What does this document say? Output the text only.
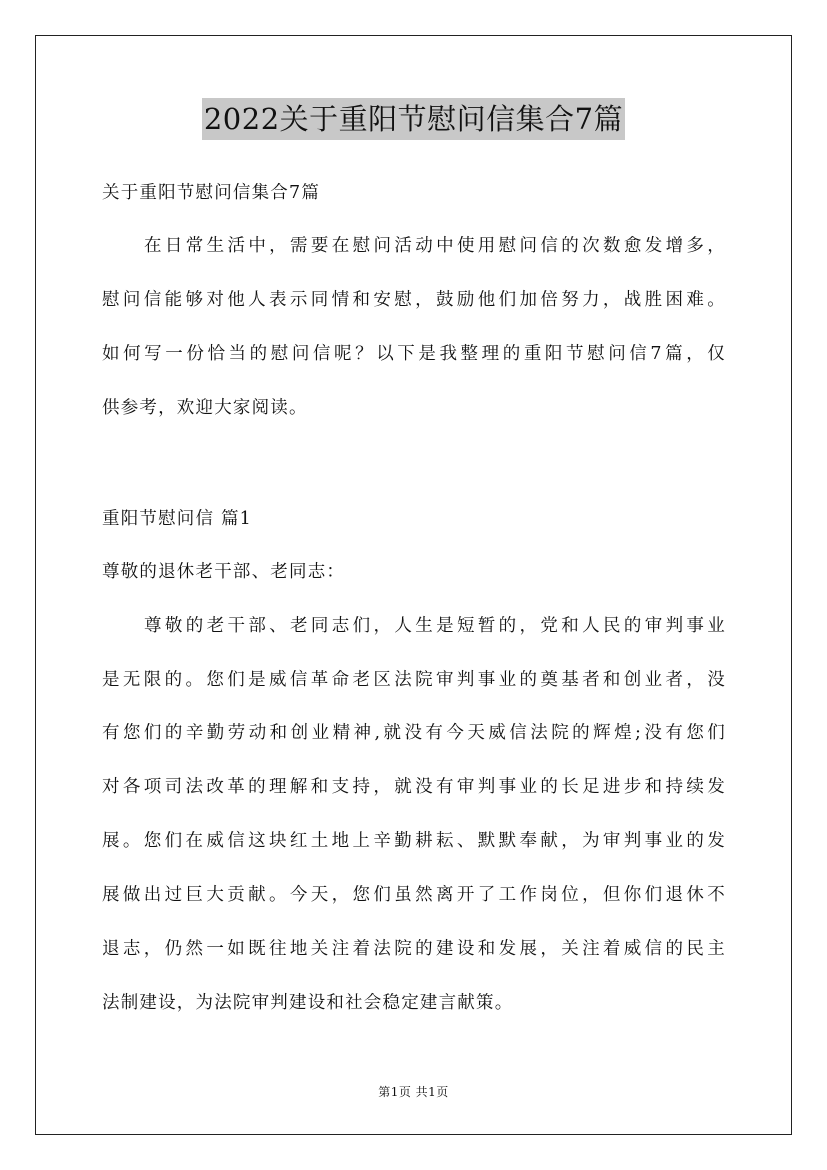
2022关于重阳节慰问信集合7篇
关于重阳节慰问信集合7篇
在日常生活中，需要在慰问活动中使用慰问信的次数愈发增多，
慰问信能够对他人表示同情和安慰，鼓励他们加倍努力，战胜困难。
如何写一份恰当的慰问信呢？以下是我整理的重阳节慰问信7篇，仅
供参考，欢迎大家阅读。
重阳节慰问信 篇1
尊敬的退休老干部、老同志：
尊敬的老干部、老同志们，人生是短暂的，党和人民的审判事业
是无限的。您们是威信革命老区法院审判事业的奠基者和创业者，没
有您们的辛勤劳动和创业精神,就没有今天威信法院的辉煌;没有您们
对各项司法改革的理解和支持，就没有审判事业的长足进步和持续发
展。您们在威信这块红土地上辛勤耕耘、默默奉献，为审判事业的发
展做出过巨大贡献。今天，您们虽然离开了工作岗位，但你们退休不
退志，仍然一如既往地关注着法院的建设和发展，关注着威信的民主
法制建设，为法院审判建设和社会稳定建言献策。
第1页 共1页
